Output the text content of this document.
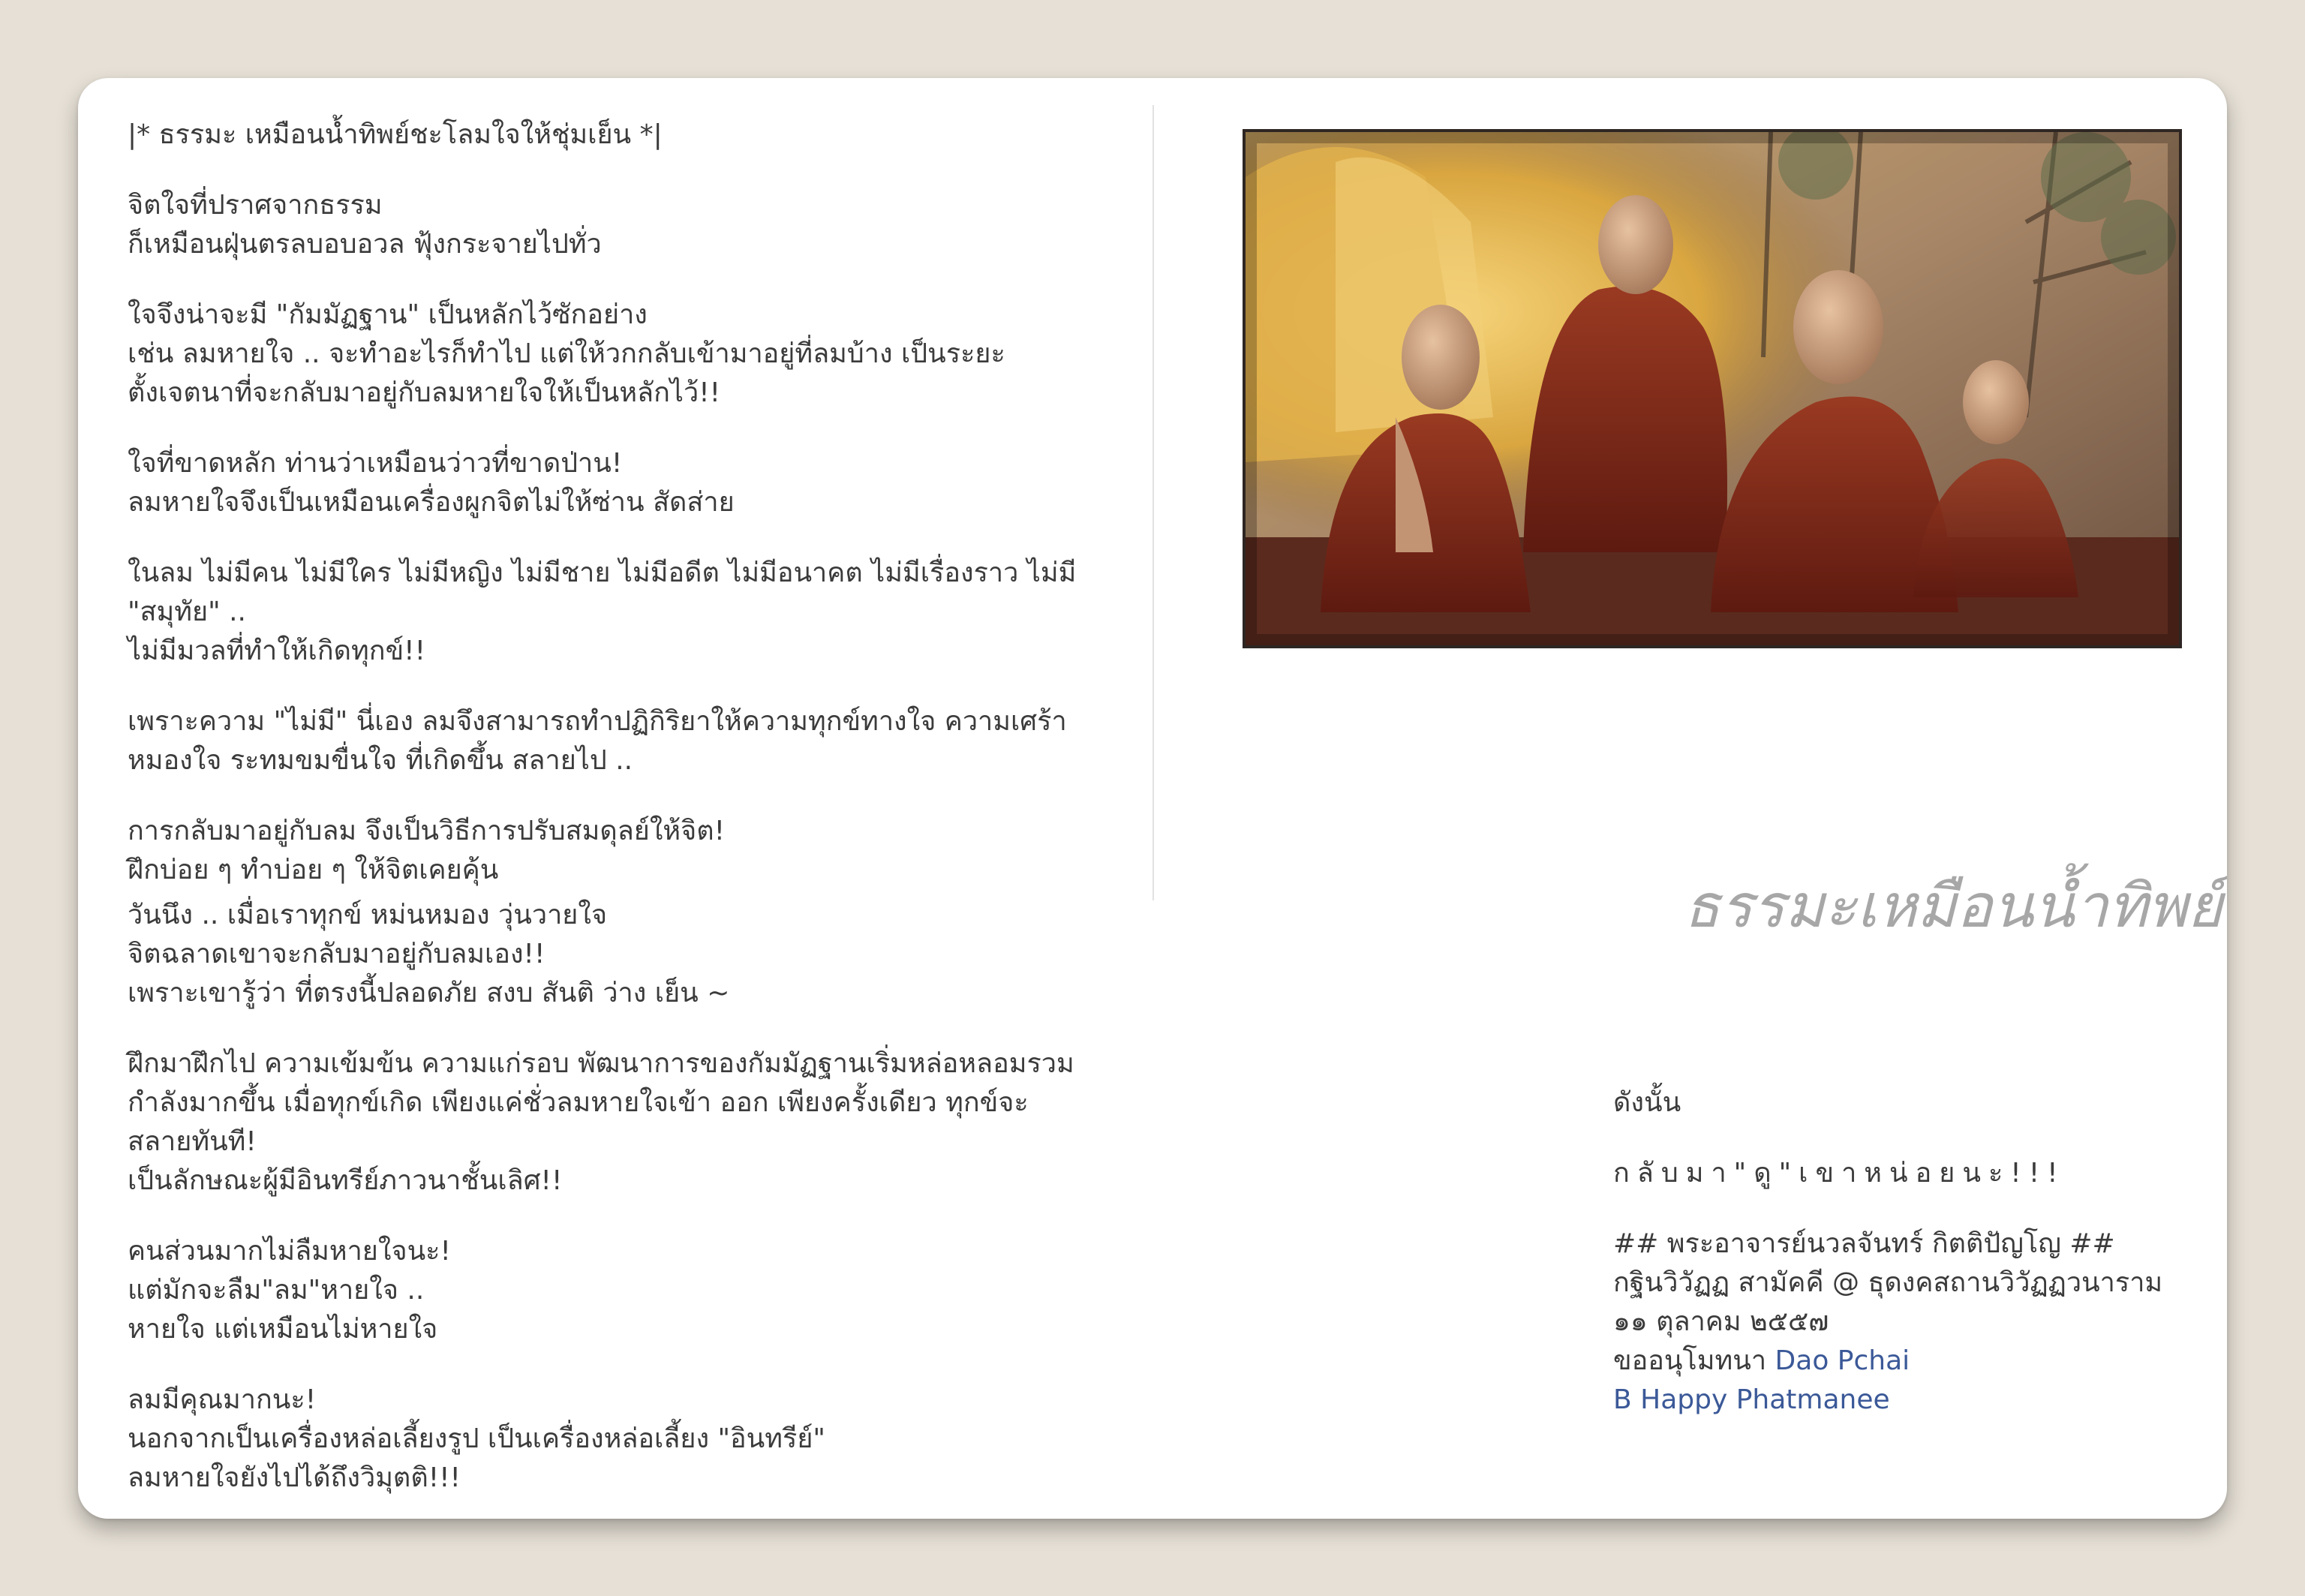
|* ธรรมะ เหมือนน้ำทิพย์ชะโลมใจให้ชุ่มเย็น *|
จิตใจที่ปราศจากธรรม
ก็เหมือนฝุ่นตรลบอบอวล ฟุ้งกระจายไปทั่ว
ใจจึงน่าจะมี "กัมมัฏฐาน" เป็นหลักไว้ซักอย่าง
เช่น ลมหายใจ .. จะทำอะไรก็ทำไป แต่ให้วกกลับเข้ามาอยู่ที่ลมบ้าง เป็นระยะ
ตั้งเจตนาที่จะกลับมาอยู่กับลมหายใจให้เป็นหลักไว้!!
ใจที่ขาดหลัก ท่านว่าเหมือนว่าวที่ขาดป่าน!
ลมหายใจจึงเป็นเหมือนเครื่องผูกจิตไม่ให้ซ่าน สัดส่าย
ในลม ไม่มีคน ไม่มีใคร ไม่มีหญิง ไม่มีชาย ไม่มีอดีต ไม่มีอนาคต ไม่มีเรื่องราว ไม่มี
"สมุทัย" ..
ไม่มีมวลที่ทำให้เกิดทุกข์!!
เพราะความ "ไม่มี" นี่เอง ลมจึงสามารถทำปฏิกิริยาให้ความทุกข์ทางใจ ความเศร้า
หมองใจ ระทมขมขื่นใจ ที่เกิดขึ้น สลายไป ..
การกลับมาอยู่กับลม จึงเป็นวิธีการปรับสมดุลย์ให้จิต!
ฝึกบ่อย ๆ ทำบ่อย ๆ ให้จิตเคยคุ้น
วันนึง .. เมื่อเราทุกข์ หม่นหมอง วุ่นวายใจ
จิตฉลาดเขาจะกลับมาอยู่กับลมเอง!!
เพราะเขารู้ว่า ที่ตรงนี้ปลอดภัย สงบ สันติ ว่าง เย็น ~
ฝึกมาฝึกไป ความเข้มข้น ความแก่รอบ พัฒนาการของกัมมัฏฐานเริ่มหล่อหลอมรวม
กำลังมากขึ้น เมื่อทุกข์เกิด เพียงแค่ชั่วลมหายใจเข้า ออก เพียงครั้งเดียว ทุกข์จะ
สลายทันที!
เป็นลักษณะผู้มีอินทรีย์ภาวนาชั้นเลิศ!!
คนส่วนมากไม่ลืมหายใจนะ!
แต่มักจะลืม"ลม"หายใจ ..
หายใจ แต่เหมือนไม่หายใจ
ลมมีคุณมากนะ!
นอกจากเป็นเครื่องหล่อเลี้ยงรูป เป็นเครื่องหล่อเลี้ยง "อินทรีย์"
ลมหายใจยังไปได้ถึงวิมุตติ!!!
ธรรมะเหมือนน้ำทิพย์
ดังนั้น
กลับมา"ดู"เขาหน่อยนะ!!!
## พระอาจารย์นวลจันทร์ กิตติปัญโญ ##
กฐินวิวัฏฏ สามัคคี @ ธุดงคสถานวิวัฏฏวนาราม
๑๑ ตุลาคม ๒๕๕๗
ขออนุโมทนา Dao Pchai
B Happy Phatmanee
